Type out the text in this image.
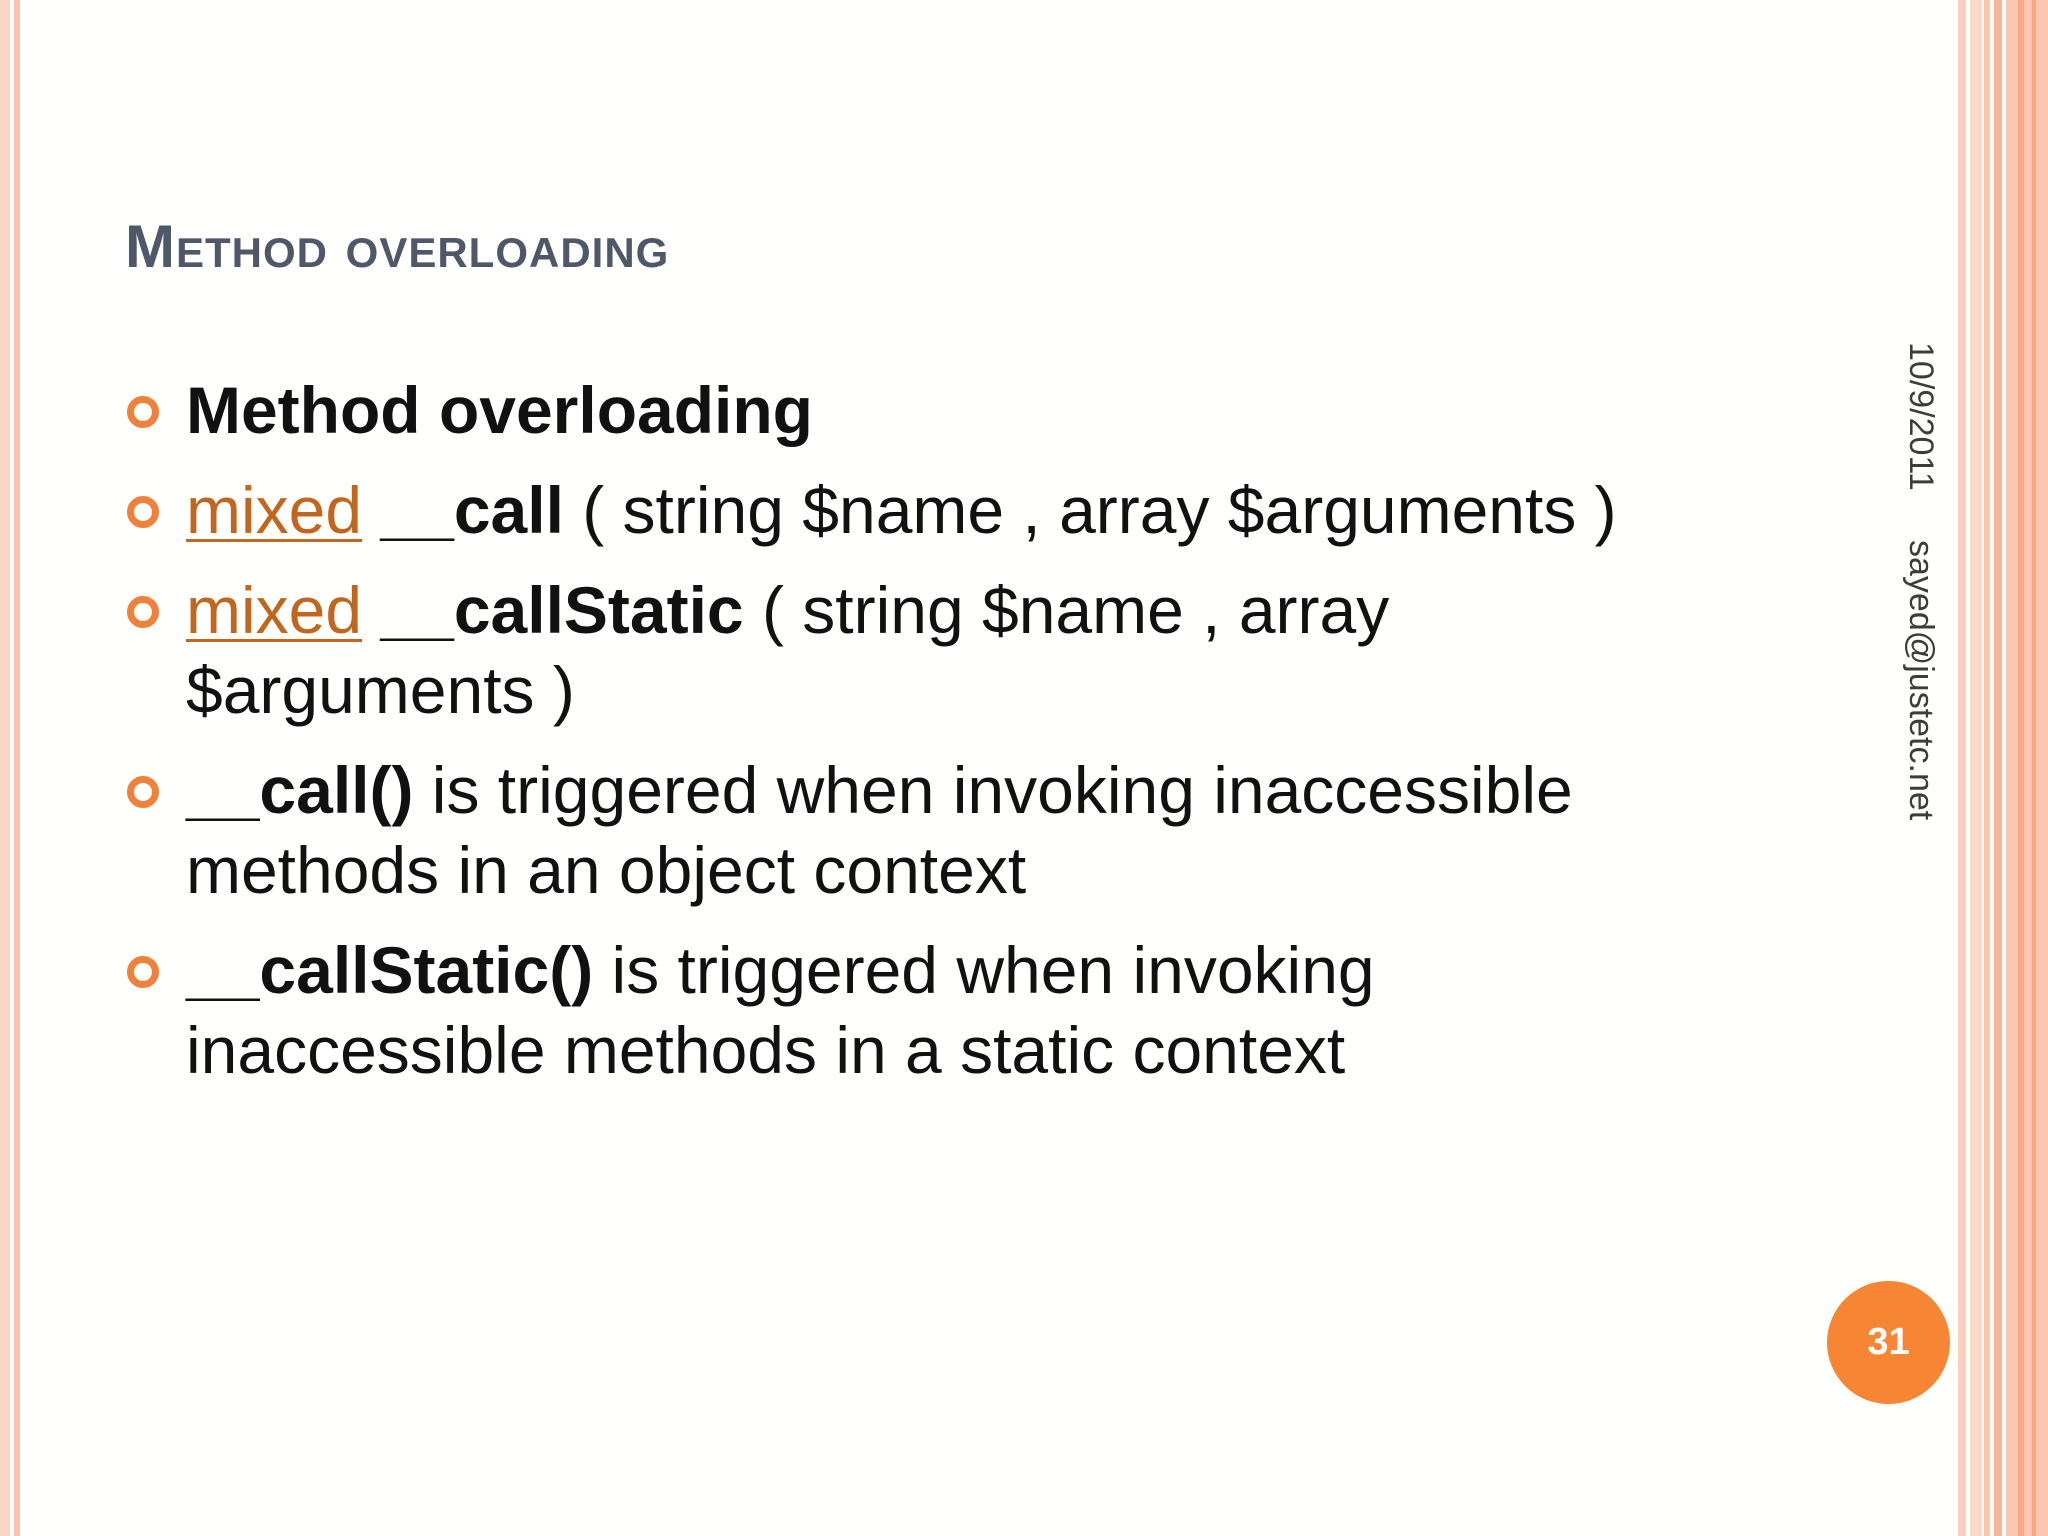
Method overloading
Method overloading
mixed __call ( string $name , array $arguments )
mixed __callStatic ( string $name , array $arguments )
__call() is triggered when invoking inaccessible methods in an object context
__callStatic() is triggered when invoking inaccessible methods in a static context
10/9/2011
sayed@justetc.net
31
